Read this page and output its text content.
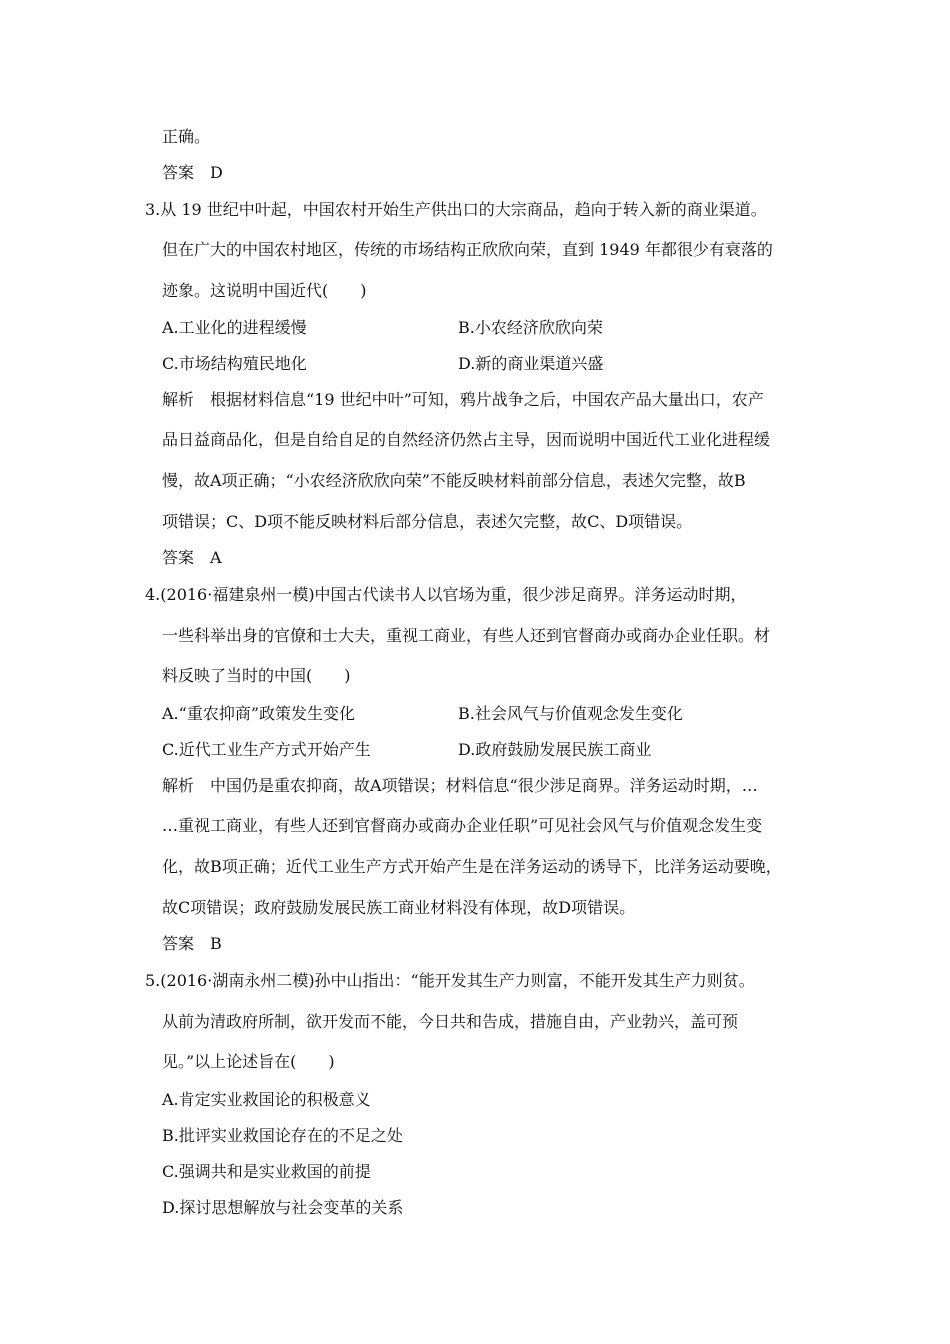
正确。
答案　D
3.从 19 世纪中叶起，中国农村开始生产供出口的大宗商品，趋向于转入新的商业渠道。
但在广大的中国农村地区，传统的市场结构正欣欣向荣，直到 1949 年都很少有衰落的
迹象。这说明中国近代(　　)
A.工业化的进程缓慢	B.小农经济欣欣向荣
C.市场结构殖民地化	D.新的商业渠道兴盛
解析　根据材料信息“19 世纪中叶”可知，鸦片战争之后，中国农产品大量出口，农产
品日益商品化，但是自给自足的自然经济仍然占主导，因而说明中国近代工业化进程缓
慢，故A项正确；“小农经济欣欣向荣”不能反映材料前部分信息，表述欠完整，故B
项错误；C、D项不能反映材料后部分信息，表述欠完整，故C、D项错误。
答案　A
4.(2016·福建泉州一模)中国古代读书人以官场为重，很少涉足商界。洋务运动时期，
一些科举出身的官僚和士大夫，重视工商业，有些人还到官督商办或商办企业任职。材
料反映了当时的中国(　　)
A.“重农抑商”政策发生变化	B.社会风气与价值观念发生变化
C.近代工业生产方式开始产生	D.政府鼓励发展民族工商业
解析　中国仍是重农抑商，故A项错误；材料信息“很少涉足商界。洋务运动时期，…
…重视工商业，有些人还到官督商办或商办企业任职”可见社会风气与价值观念发生变
化，故B项正确；近代工业生产方式开始产生是在洋务运动的诱导下，比洋务运动要晚，
故C项错误；政府鼓励发展民族工商业材料没有体现，故D项错误。
答案　B
5.(2016·湖南永州二模)孙中山指出：“能开发其生产力则富，不能开发其生产力则贫。
从前为清政府所制，欲开发而不能，今日共和告成，措施自由，产业勃兴，盖可预
见。”以上论述旨在(　　)
A.肯定实业救国论的积极意义
B.批评实业救国论存在的不足之处
C.强调共和是实业救国的前提
D.探讨思想解放与社会变革的关系
